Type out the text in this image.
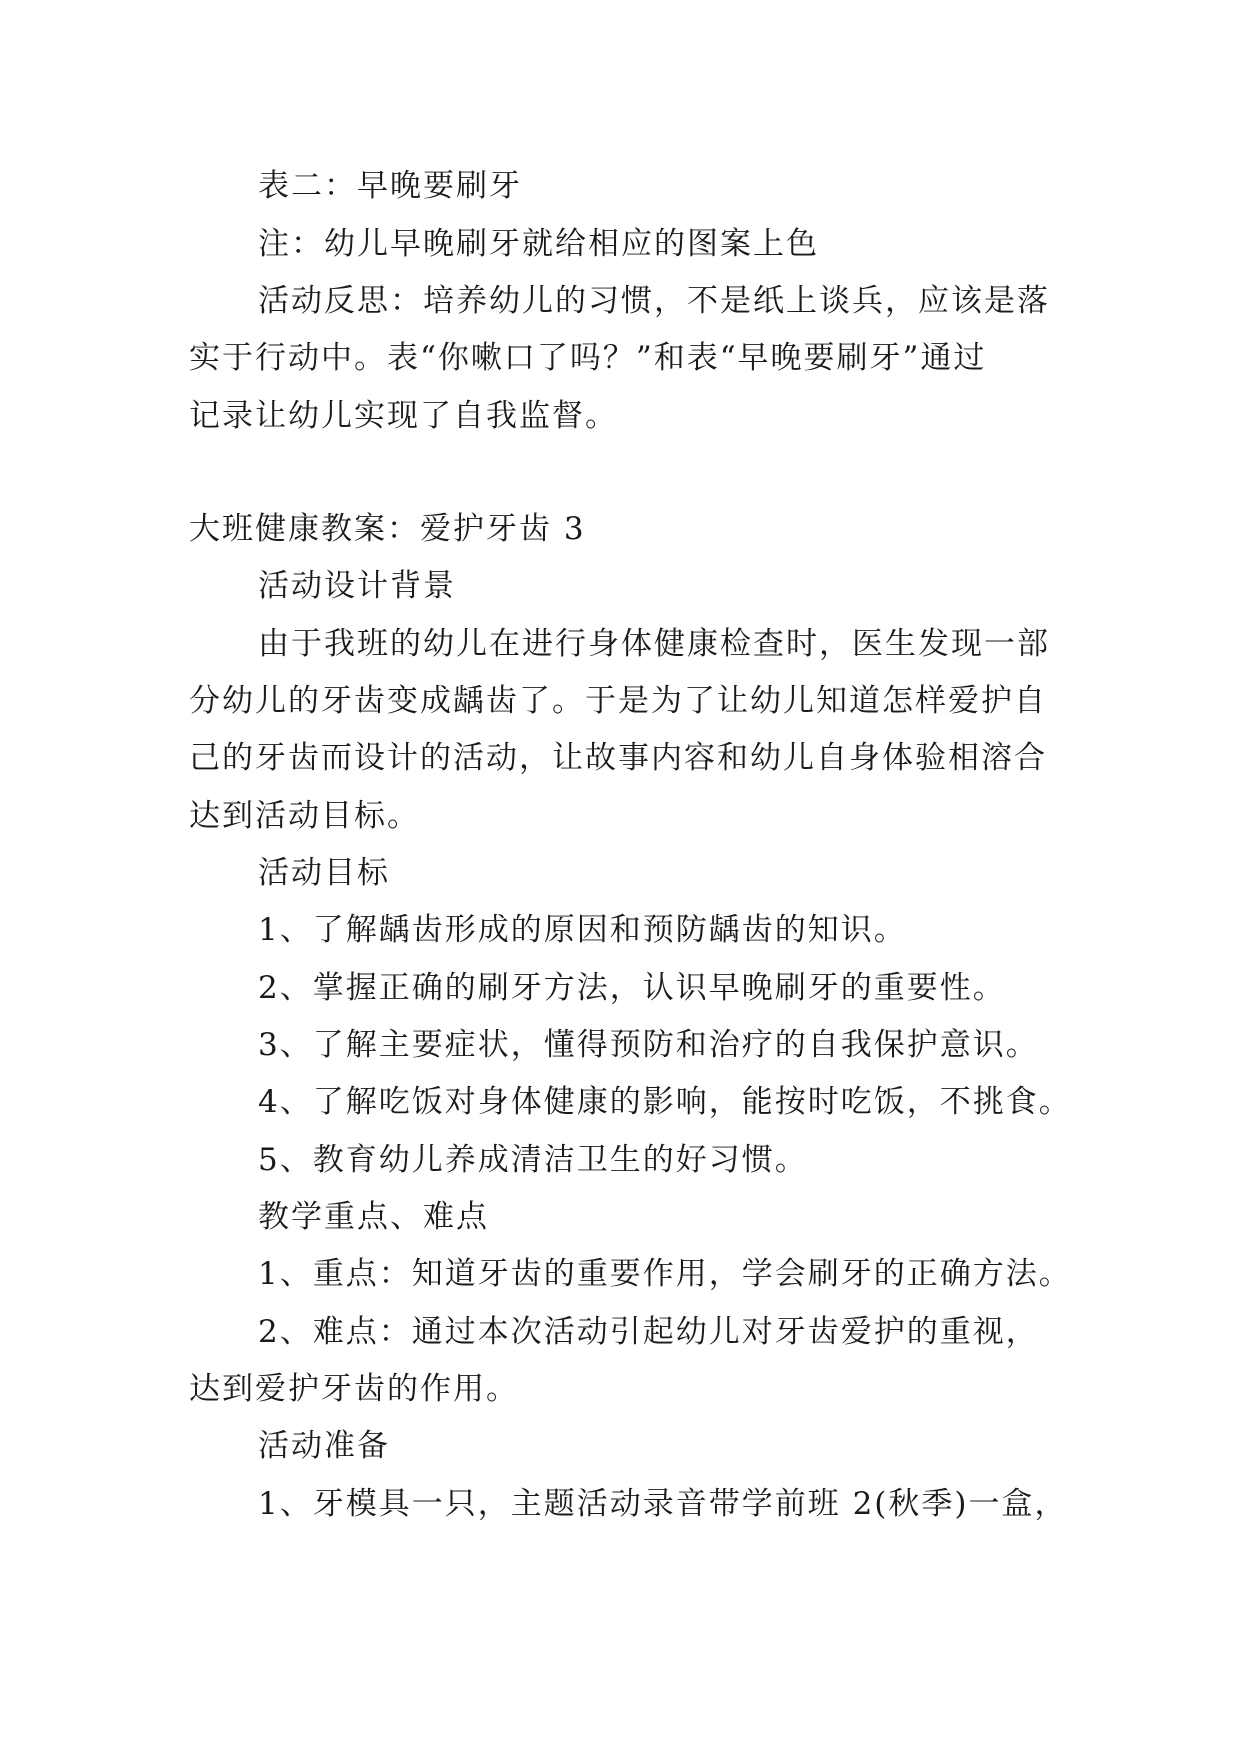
表二：早晚要刷牙
注：幼儿早晚刷牙就给相应的图案上色
活动反思：培养幼儿的习惯，不是纸上谈兵，应该是落
实于行动中。表“你嗽口了吗？”和表“早晚要刷牙”通过
记录让幼儿实现了自我监督。
大班健康教案：爱护牙齿 3
活动设计背景
由于我班的幼儿在进行身体健康检查时，医生发现一部
分幼儿的牙齿变成龋齿了。于是为了让幼儿知道怎样爱护自
己的牙齿而设计的活动，让故事内容和幼儿自身体验相溶合
达到活动目标。
活动目标
1、了解龋齿形成的原因和预防龋齿的知识。
2、掌握正确的刷牙方法，认识早晚刷牙的重要性。
3、了解主要症状，懂得预防和治疗的自我保护意识。
4、了解吃饭对身体健康的影响，能按时吃饭，不挑食。
5、教育幼儿养成清洁卫生的好习惯。
教学重点、难点
1、重点：知道牙齿的重要作用，学会刷牙的正确方法。
2、难点：通过本次活动引起幼儿对牙齿爱护的重视，
达到爱护牙齿的作用。
活动准备
1、牙模具一只，主题活动录音带学前班 2(秋季)一盒，
